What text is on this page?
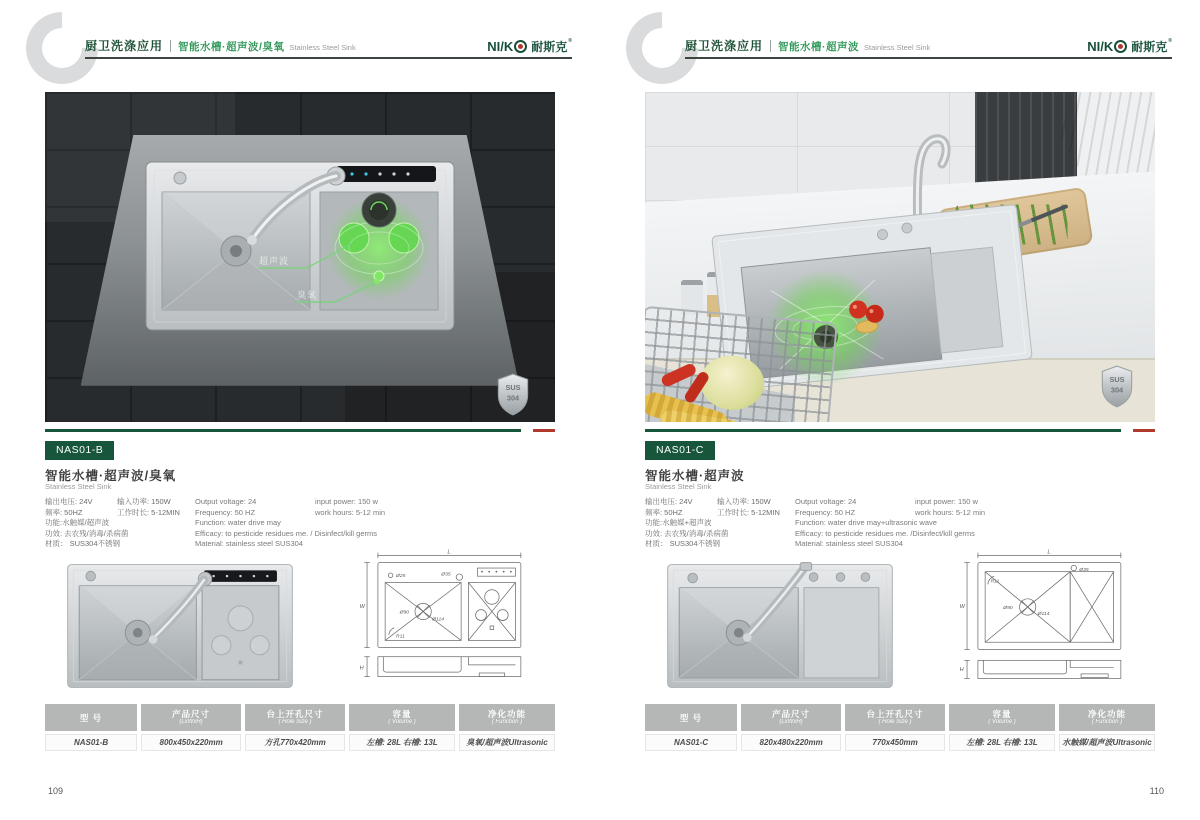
厨卫洗涤应用 智能水槽·超声波/臭氧 Stainless Steel Sink	NI / K 耐斯克 ®
超声波
臭氧
SUS
304
NAS01-B
智能水槽·超声波/臭氧
Stainless Steel Sink
输出电压: 24V	输入功率: 150W
频率: 50HZ	工作时长: 5-12MIN
功能:水触媒/超声波
功效: 去农残/消毒/杀病菌
材质： SUS304不锈钢
Output voltage: 24	input power: 150 w
Frequency: 50 HZ	work hours: 5-12 min
Function: water drive may
Efficacy: to pesticide residues me. / Disinfect/kill germs
Material: stainless steel SUS304
L
W
H
Ø25	Ø35
Ø90
Ø114
R11
型 号	产品尺寸
(LxWxH)
台上开孔尺寸
( Hole Size )
容量
( Volume )
净化功能
( Function )
NAS01-B	800x450x220mm	方孔770x420mm	左槽: 28L 右槽: 13L	臭氧/超声波Ultrasonic
109
厨卫洗涤应用 智能水槽·超声波 Stainless Steel Sink	NI / K 耐斯克 ®
SUS
304
NAS01-C
智能水槽·超声波
Stainless Steel Sink
输出电压: 24V	输入功率: 150W
频率: 50HZ	工作时长: 5-12MIN
功能:水触媒+超声波
功效: 去农残/消毒/杀病菌
材质： SUS304不锈钢
Output voltage: 24	input power: 150 w
Frequency: 50 HZ	work hours: 5-12 min
Function: water drive may+ultrasonic wave
Efficacy: to pesticide residues me. /Disinfect/kill germs
Material: stainless steel SUS304
L
W
H
Ø35
Ø90
Ø114
R11
型 号	产品尺寸
(LxWxH)
台上开孔尺寸
( Hole Size )
容量
( Volume )
净化功能
( Function )
NAS01-C	820x480x220mm	770x450mm	左槽: 28L 右槽: 13L	水触媒/超声波Ultrasonic
110
